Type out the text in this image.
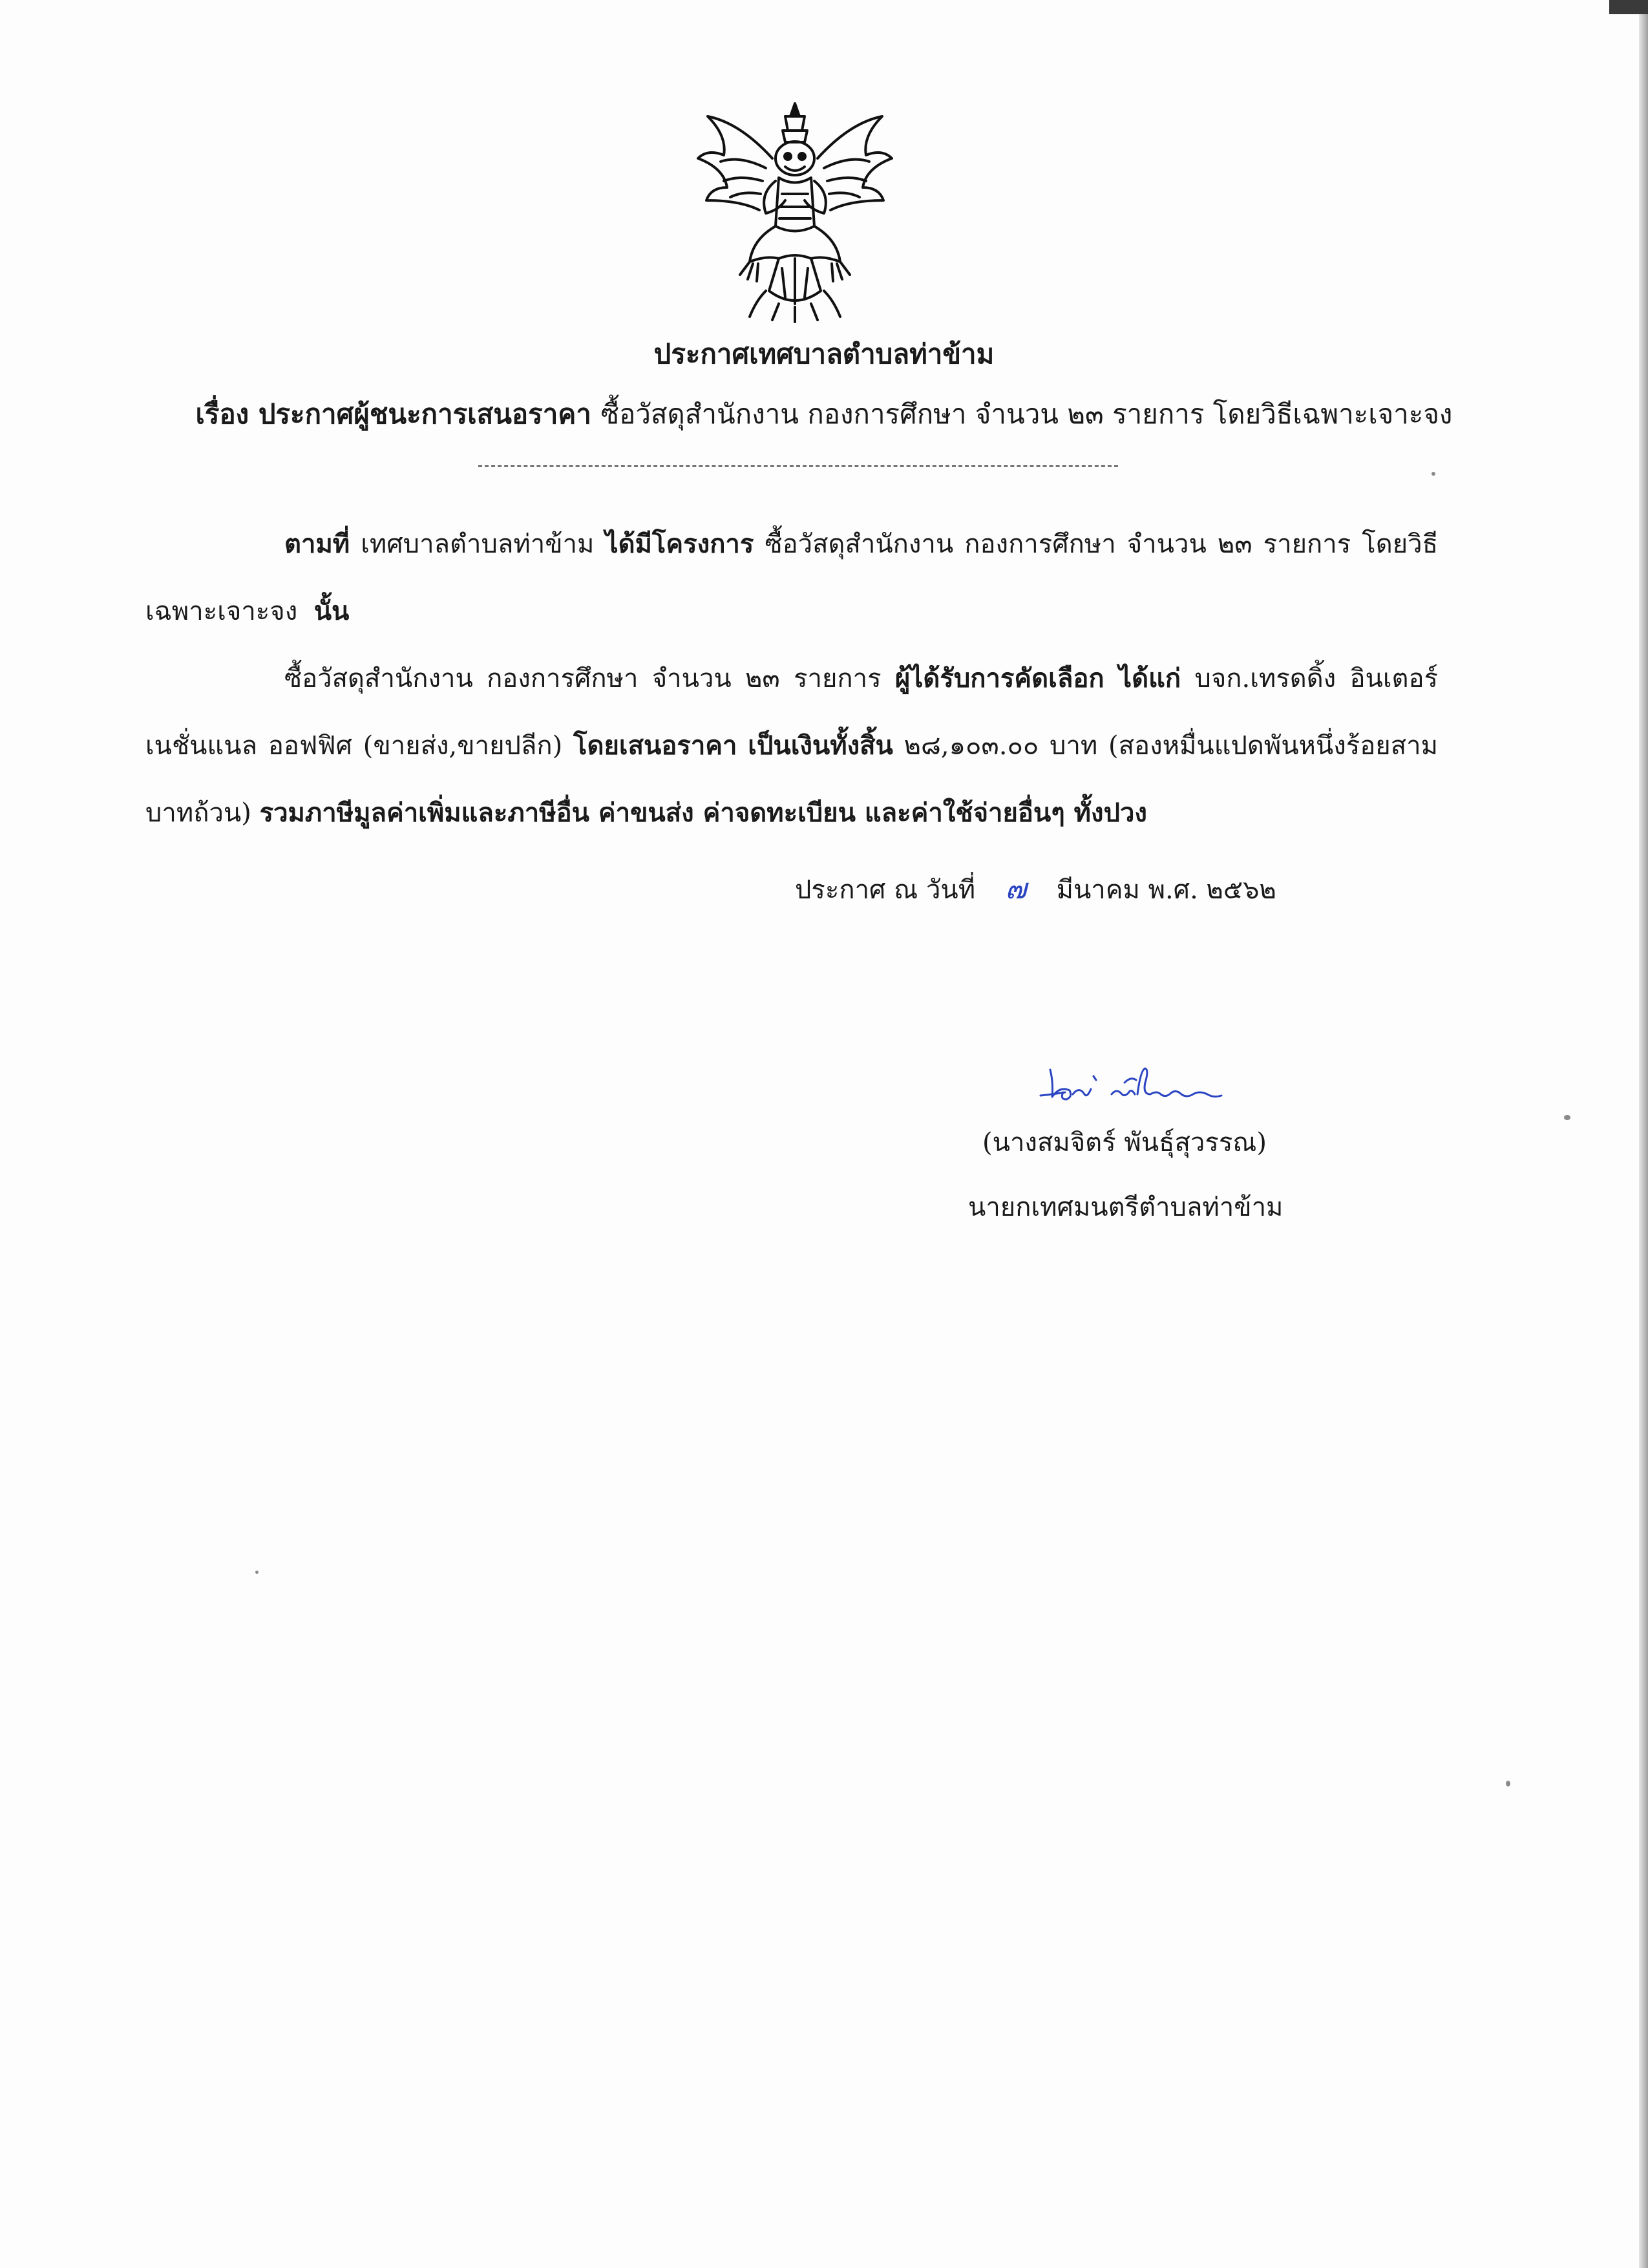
ประกาศเทศบาลตำบลท่าข้าม
เรื่อง ประกาศผู้ชนะการเสนอราคา ซื้อวัสดุสำนักงาน กองการศึกษา จำนวน ๒๓ รายการ โดยวิธีเฉพาะเจาะจง

ตามที่ เทศบาลตำบลท่าข้าม ได้มีโครงการ ซื้อวัสดุสำนักงาน กองการศึกษา จำนวน ๒๓ รายการ โดยวิธีเฉพาะเจาะจง นั้น

ซื้อวัสดุสำนักงาน กองการศึกษา จำนวน ๒๓ รายการ ผู้ได้รับการคัดเลือก ได้แก่ บจก.เทรดดิ้ง อินเตอร์เนชั่นแนล ออฟฟิศ (ขายส่ง,ขายปลีก) โดยเสนอราคา เป็นเงินทั้งสิ้น ๒๘,๑๐๓.๐๐ บาท (สองหมื่นแปดพันหนึ่งร้อยสามบาทถ้วน) รวมภาษีมูลค่าเพิ่มและภาษีอื่น ค่าขนส่ง ค่าจดทะเบียน และค่าใช้จ่ายอื่นๆ ทั้งปวง

ประกาศ ณ วันที่ ๗ มีนาคม พ.ศ. ๒๕๖๒
(นางสมจิตร์ พันธุ์สุวรรณ)
นายกเทศมนตรีตำบลท่าข้าม
